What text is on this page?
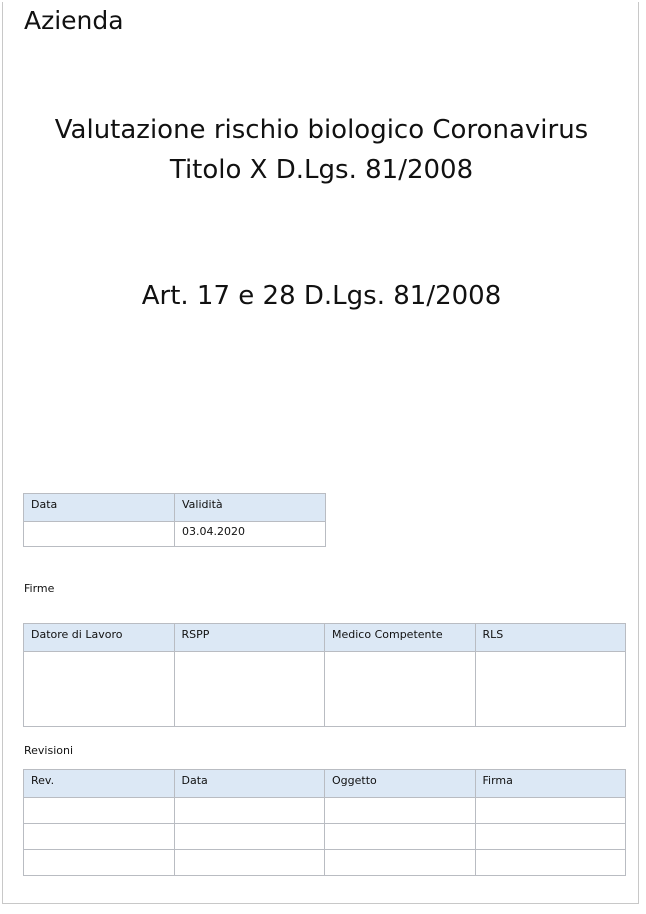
Azienda
Valutazione rischio biologico Coronavirus
Titolo X D.Lgs. 81/2008
Art. 17 e 28 D.Lgs. 81/2008
Data	Validità
	03.04.2020
Firme
Datore di Lavoro	RSPP	Medico Competente	RLS

Revisioni
Rev.	Data	Oggetto	Firma
